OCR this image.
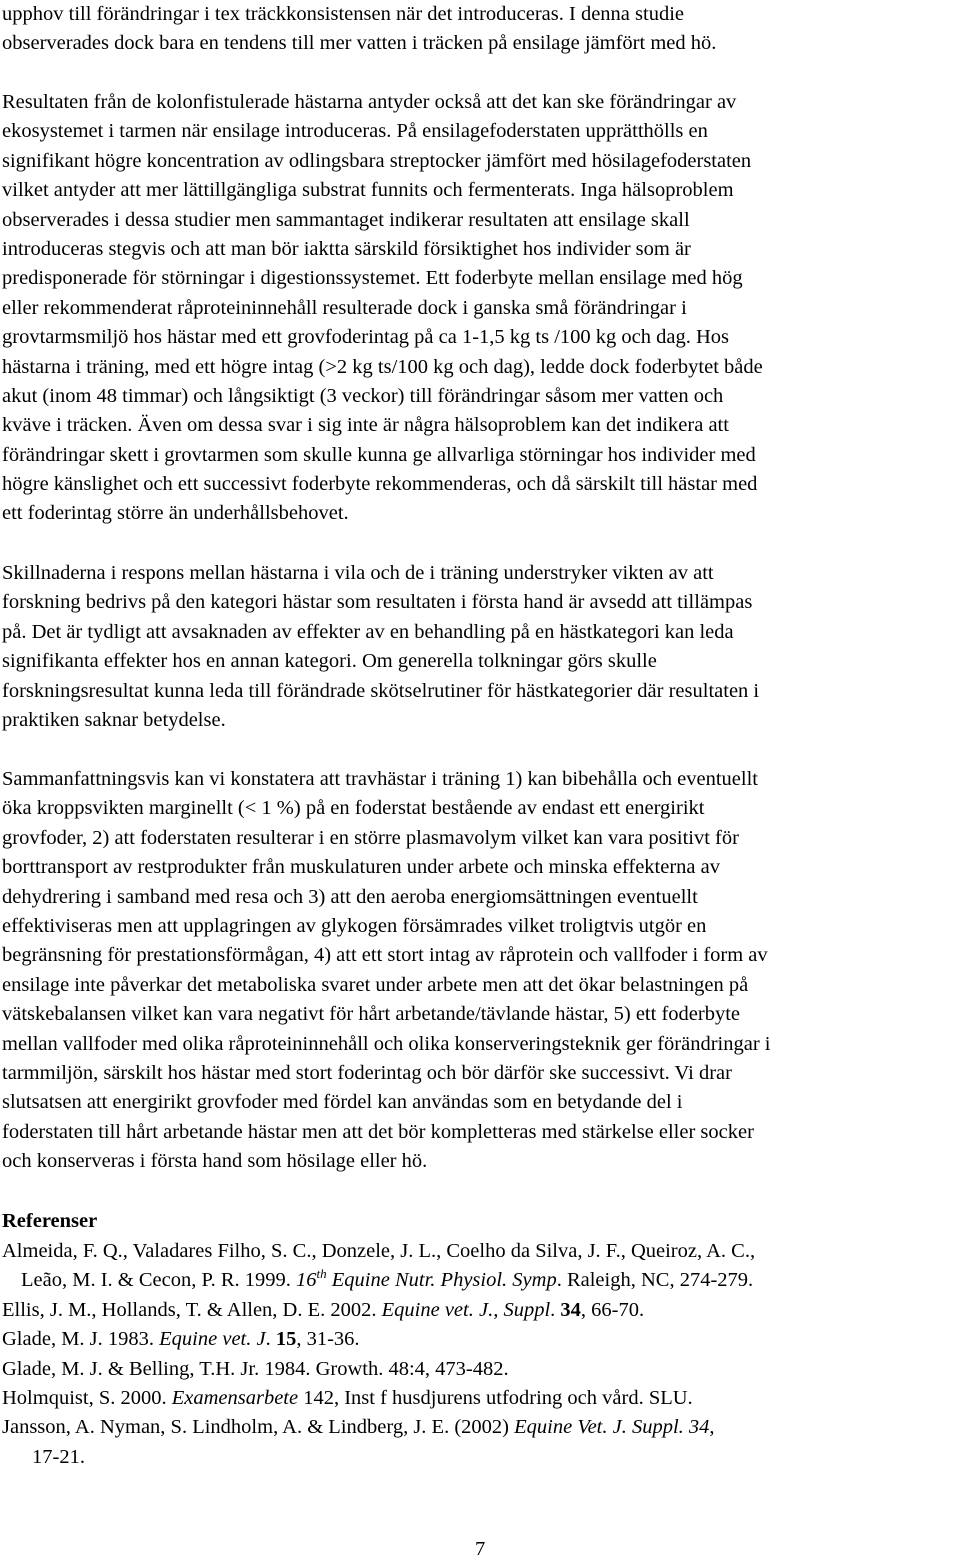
upphov till förändringar i tex träckkonsistensen när det introduceras. I denna studie
observerades dock bara en tendens till mer vatten i träcken på ensilage jämfört med hö.
Resultaten från de kolonfistulerade hästarna antyder också att det kan ske förändringar av
ekosystemet i tarmen när ensilage introduceras. På ensilagefoderstaten upprätthölls en
signifikant högre koncentration av odlingsbara streptocker jämfört med hösilagefoderstaten
vilket antyder att mer lättillgängliga substrat funnits och fermenterats. Inga hälsoproblem
observerades i dessa studier men sammantaget indikerar resultaten att ensilage skall
introduceras stegvis och att man bör iaktta särskild försiktighet hos individer som är
predisponerade för störningar i digestionssystemet. Ett foderbyte mellan ensilage med hög
eller rekommenderat råproteininnehåll resulterade dock i ganska små förändringar i
grovtarmsmiljö hos hästar med ett grovfoderintag på ca 1-1,5 kg ts /100 kg och dag. Hos
hästarna i träning, med ett högre intag (>2 kg ts/100 kg och dag), ledde dock foderbytet både
akut (inom 48 timmar) och långsiktigt (3 veckor) till förändringar såsom mer vatten och
kväve i träcken. Även om dessa svar i sig inte är några hälsoproblem kan det indikera att
förändringar skett i grovtarmen som skulle kunna ge allvarliga störningar hos individer med
högre känslighet och ett successivt foderbyte rekommenderas, och då särskilt till hästar med
ett foderintag större än underhållsbehovet.
Skillnaderna i respons mellan hästarna i vila och de i träning understryker vikten av att
forskning bedrivs på den kategori hästar som resultaten i första hand är avsedd att tillämpas
på. Det är tydligt att avsaknaden av effekter av en behandling på en hästkategori kan leda
signifikanta effekter hos en annan kategori. Om generella tolkningar görs skulle
forskningsresultat kunna leda till förändrade skötselrutiner för hästkategorier där resultaten i
praktiken saknar betydelse.
Sammanfattningsvis kan vi konstatera att travhästar i träning 1) kan bibehålla och eventuellt
öka kroppsvikten marginellt (< 1 %) på en foderstat bestående av endast ett energirikt
grovfoder, 2) att foderstaten resulterar i en större plasmavolym vilket kan vara positivt för
borttransport av restprodukter från muskulaturen under arbete och minska effekterna av
dehydrering i samband med resa och 3) att den aeroba energiomsättningen eventuellt
effektiviseras men att upplagringen av glykogen försämrades vilket troligtvis utgör en
begränsning för prestationsförmågan, 4) att ett stort intag av råprotein och vallfoder i form av
ensilage inte påverkar det metaboliska svaret under arbete men att det ökar belastningen på
vätskebalansen vilket kan vara negativt för hårt arbetande/tävlande hästar, 5) ett foderbyte
mellan vallfoder med olika råproteininnehåll och olika konserveringsteknik ger förändringar i
tarmmiljön, särskilt hos hästar med stort foderintag och bör därför ske successivt. Vi drar
slutsatsen att energirikt grovfoder med fördel kan användas som en betydande del i
foderstaten till hårt arbetande hästar men att det bör kompletteras med stärkelse eller socker
och konserveras i första hand som hösilage eller hö.
Referenser
Almeida, F. Q., Valadares Filho, S. C., Donzele, J. L., Coelho da Silva, J. F., Queiroz, A. C.,
Leão, M. I. & Cecon, P. R. 1999. 16th Equine Nutr. Physiol. Symp. Raleigh, NC, 274-279.
Ellis, J. M., Hollands, T. & Allen, D. E. 2002. Equine vet. J., Suppl. 34, 66-70.
Glade, M. J. 1983. Equine vet. J. 15, 31-36.
Glade, M. J. & Belling, T.H. Jr. 1984. Growth. 48:4, 473-482.
Holmquist, S. 2000. Examensarbete 142, Inst f husdjurens utfodring och vård. SLU.
Jansson, A. Nyman, S. Lindholm, A. & Lindberg, J. E. (2002) Equine Vet. J. Suppl. 34,
17-21.

7
